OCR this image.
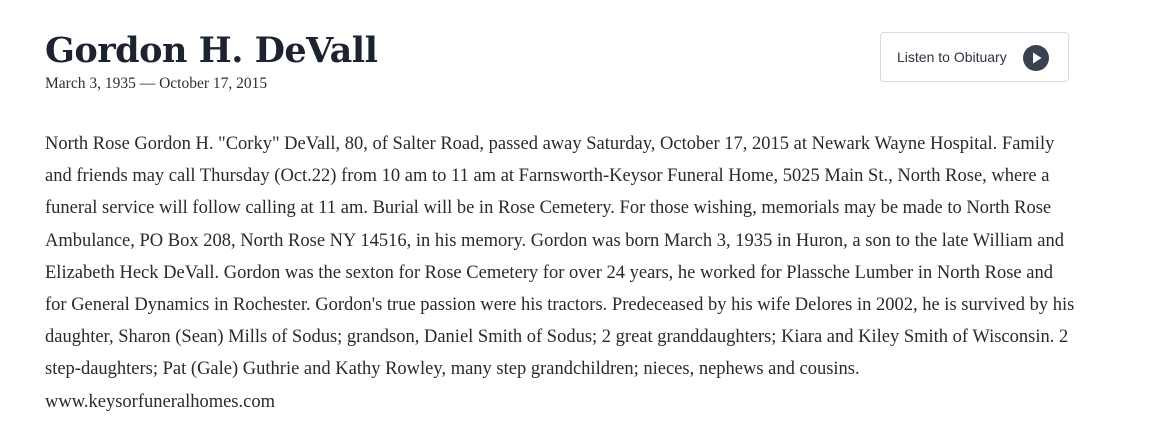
Gordon H. DeVall
March 3, 1935 — October 17, 2015
Listen to Obituary

North Rose Gordon H. "Corky" DeVall, 80, of Salter Road, passed away Saturday, October 17, 2015 at Newark Wayne Hospital. Family and friends may call Thursday (Oct.22) from 10 am to 11 am at Farnsworth-Keysor Funeral Home, 5025 Main St., North Rose, where a funeral service will follow calling at 11 am. Burial will be in Rose Cemetery. For those wishing, memorials may be made to North Rose Ambulance, PO Box 208, North Rose NY 14516, in his memory. Gordon was born March 3, 1935 in Huron, a son to the late William and Elizabeth Heck DeVall. Gordon was the sexton for Rose Cemetery for over 24 years, he worked for Plassche Lumber in North Rose and for General Dynamics in Rochester. Gordon's true passion were his tractors. Predeceased by his wife Delores in 2002, he is survived by his daughter, Sharon (Sean) Mills of Sodus; grandson, Daniel Smith of Sodus; 2 great granddaughters; Kiara and Kiley Smith of Wisconsin. 2 step-daughters; Pat (Gale) Guthrie and Kathy Rowley, many step grandchildren; nieces, nephews and cousins. www.keysorfuneralhomes.com
